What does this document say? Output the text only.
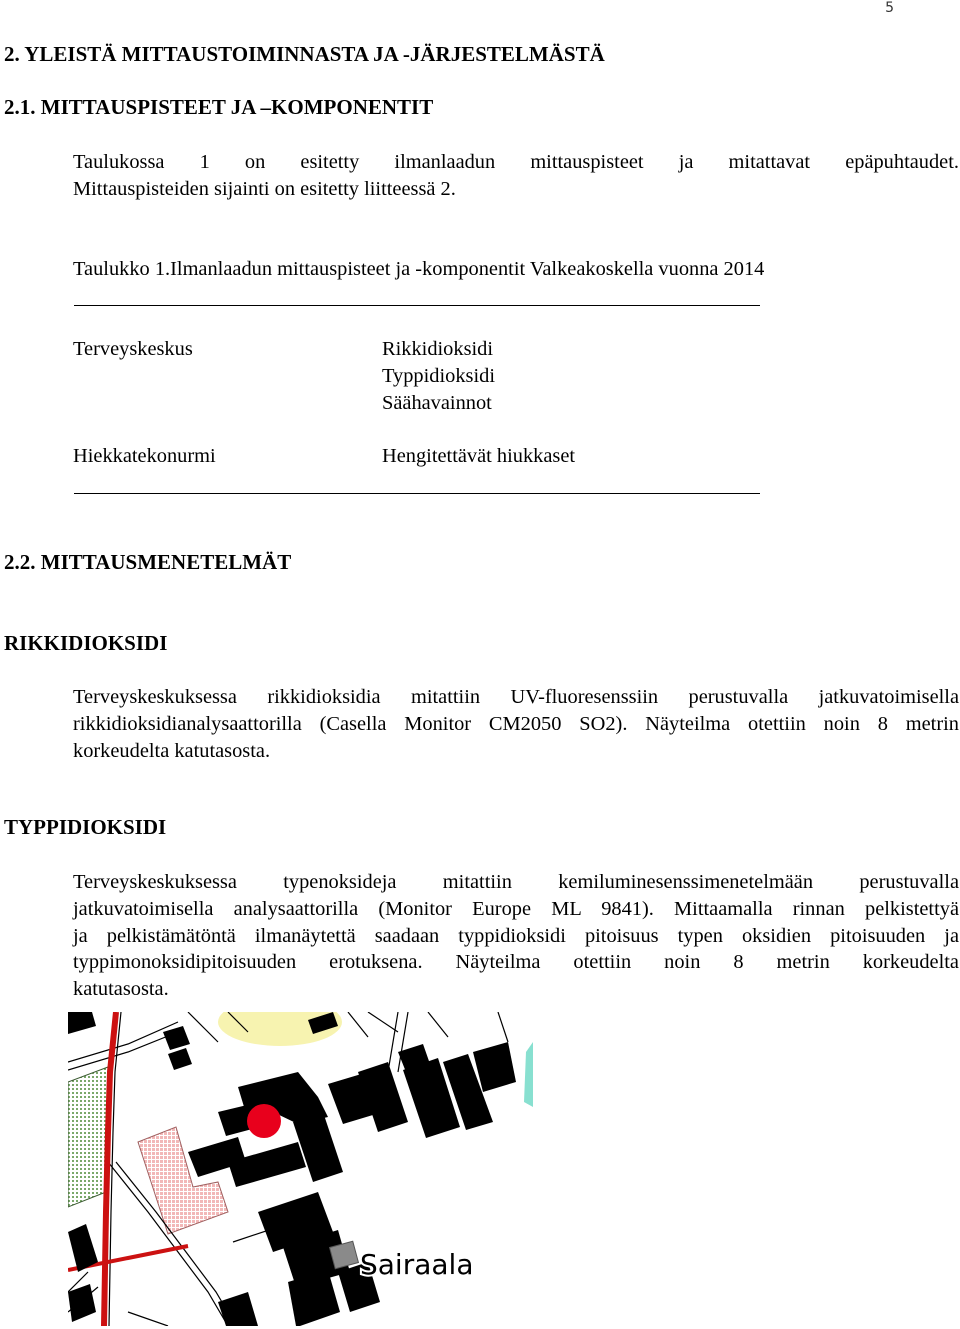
5
2. YLEISTÄ MITTAUSTOIMINNASTA JA -JÄRJESTELMÄSTÄ
2.1. MITTAUSPISTEET JA –KOMPONENTIT
Taulukossa 1 on esitetty ilmanlaadun mittauspisteet ja mitattavat epäpuhtaudet.
Mittauspisteiden sijainti on esitetty liitteessä 2.
Taulukko 1.Ilmanlaadun mittauspisteet ja -komponentit Valkeakoskella vuonna 2014
Terveyskeskus	Rikkidioksidi
Typpidioksidi
Säähavainnot
Hiekkatekonurmi	Hengitettävät hiukkaset
2.2. MITTAUSMENETELMÄT
RIKKIDIOKSIDI
Terveyskeskuksessa rikkidioksidia mitattiin UV-fluoresenssiin perustuvalla jatkuvatoimisella
rikkidioksidianalysaattorilla (Casella Monitor CM2050 SO2). Näyteilma otettiin noin 8 metrin
korkeudelta katutasosta.
TYPPIDIOKSIDI
Terveyskeskuksessa typenoksideja mitattiin kemiluminesenssimenetelmään perustuvalla
jatkuvatoimisella analysaattorilla (Monitor Europe ML 9841). Mittaamalla rinnan pelkistettyä
ja pelkistämätöntä ilmanäytettä saadaan typpidioksidi pitoisuus typen oksidien pitoisuuden ja
typpimonoksidipitoisuuden erotuksena. Näyteilma otettiin noin 8 metrin korkeudelta
katutasosta.
Sairaala
